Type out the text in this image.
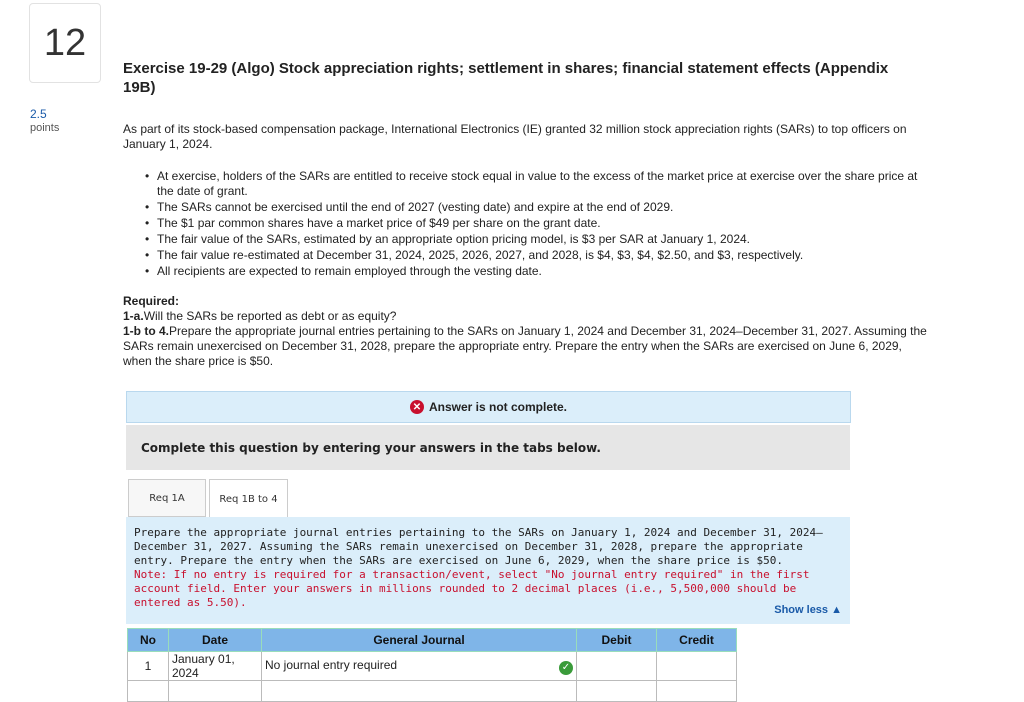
12
2.5
points
Exercise 19-29 (Algo) Stock appreciation rights; settlement in shares; financial statement effects (Appendix 19B)
As part of its stock-based compensation package, International Electronics (IE) granted 32 million stock appreciation rights (SARs) to top officers on January 1, 2024.
• At exercise, holders of the SARs are entitled to receive stock equal in value to the excess of the market price at exercise over the share price at the date of grant.
• The SARs cannot be exercised until the end of 2027 (vesting date) and expire at the end of 2029.
• The $1 par common shares have a market price of $49 per share on the grant date.
• The fair value of the SARs, estimated by an appropriate option pricing model, is $3 per SAR at January 1, 2024.
• The fair value re-estimated at December 31, 2024, 2025, 2026, 2027, and 2028, is $4, $3, $4, $2.50, and $3, respectively.
• All recipients are expected to remain employed through the vesting date.
Required:
1-a.Will the SARs be reported as debt or as equity?
1-b to 4.Prepare the appropriate journal entries pertaining to the SARs on January 1, 2024 and December 31, 2024–December 31, 2027. Assuming the SARs remain unexercised on December 31, 2028, prepare the appropriate entry. Prepare the entry when the SARs are exercised on June 6, 2029, when the share price is $50.
✕ Answer is not complete.
Complete this question by entering your answers in the tabs below.
Req 1A	Req 1B to 4
Prepare the appropriate journal entries pertaining to the SARs on January 1, 2024 and December 31, 2024–December 31, 2027. Assuming the SARs remain unexercised on December 31, 2028, prepare the appropriate entry. Prepare the entry when the SARs are exercised on June 6, 2029, when the share price is $50.
Note: If no entry is required for a transaction/event, select "No journal entry required" in the first account field. Enter your answers in millions rounded to 2 decimal places (i.e., 5,500,000 should be entered as 5.50).
Show less ▲
No	Date	General Journal	Debit	Credit
1	January 01, 2024	No journal entry required ✓		
